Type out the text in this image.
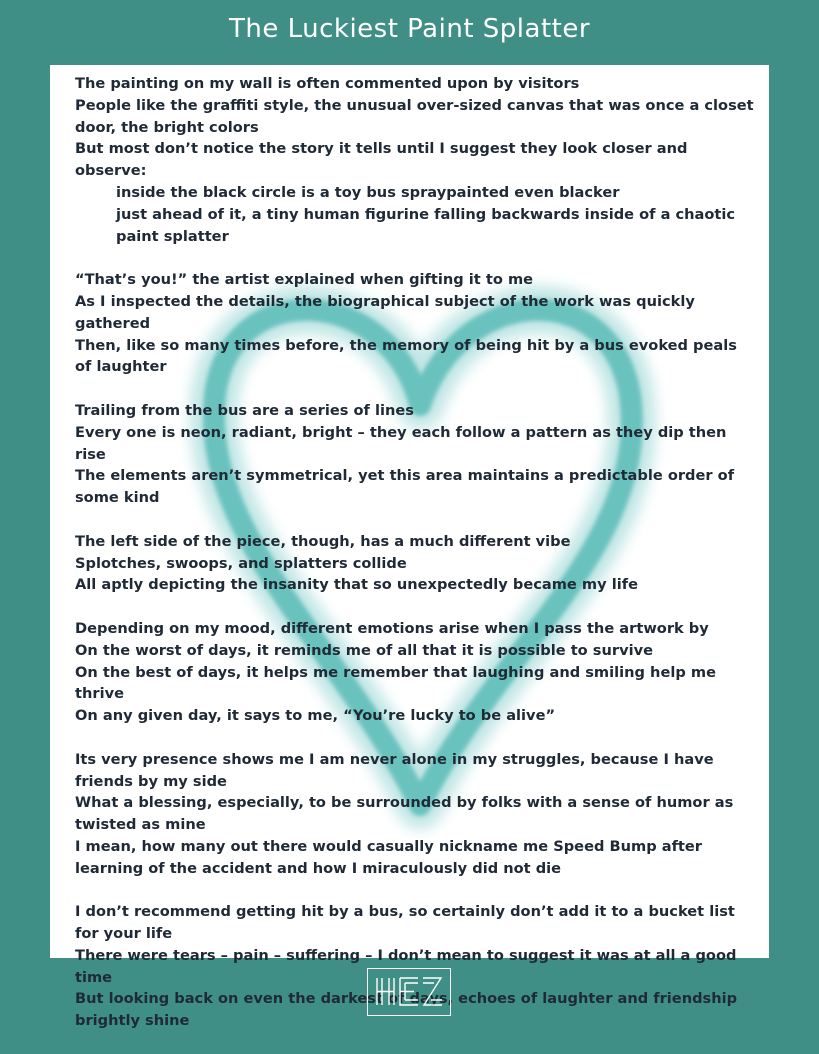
The Luckiest Paint Splatter
The painting on my wall is often commented upon by visitors
People like the graffiti style, the unusual over-sized canvas that was once a closet door, the bright colors
But most don’t notice the story it tells until I suggest they look closer and observe:
inside the black circle is a toy bus spraypainted even blacker
just ahead of it, a tiny human figurine falling backwards inside of a chaotic paint splatter
“That’s you!” the artist explained when gifting it to me
As I inspected the details, the biographical subject of the work was quickly gathered
Then, like so many times before, the memory of being hit by a bus evoked peals of laughter
Trailing from the bus are a series of lines
Every one is neon, radiant, bright – they each follow a pattern as they dip then rise
The elements aren’t symmetrical, yet this area maintains a predictable order of some kind
The left side of the piece, though, has a much different vibe
Splotches, swoops, and splatters collide
All aptly depicting the insanity that so unexpectedly became my life
Depending on my mood, different emotions arise when I pass the artwork by
On the worst of days, it reminds me of all that it is possible to survive
On the best of days, it helps me remember that laughing and smiling help me thrive
On any given day, it says to me, “You’re lucky to be alive”
Its very presence shows me I am never alone in my struggles, because I have friends by my side
What a blessing, especially, to be surrounded by folks with a sense of humor as twisted as mine
I mean, how many out there would casually nickname me Speed Bump after learning of the accident and how I miraculously did not die
I don’t recommend getting hit by a bus, so certainly don’t add it to a bucket list for your life
There were tears – pain – suffering – I don’t mean to suggest it was at all a good time
But looking back on even the darkest of days, echoes of laughter and friendship brightly shine
